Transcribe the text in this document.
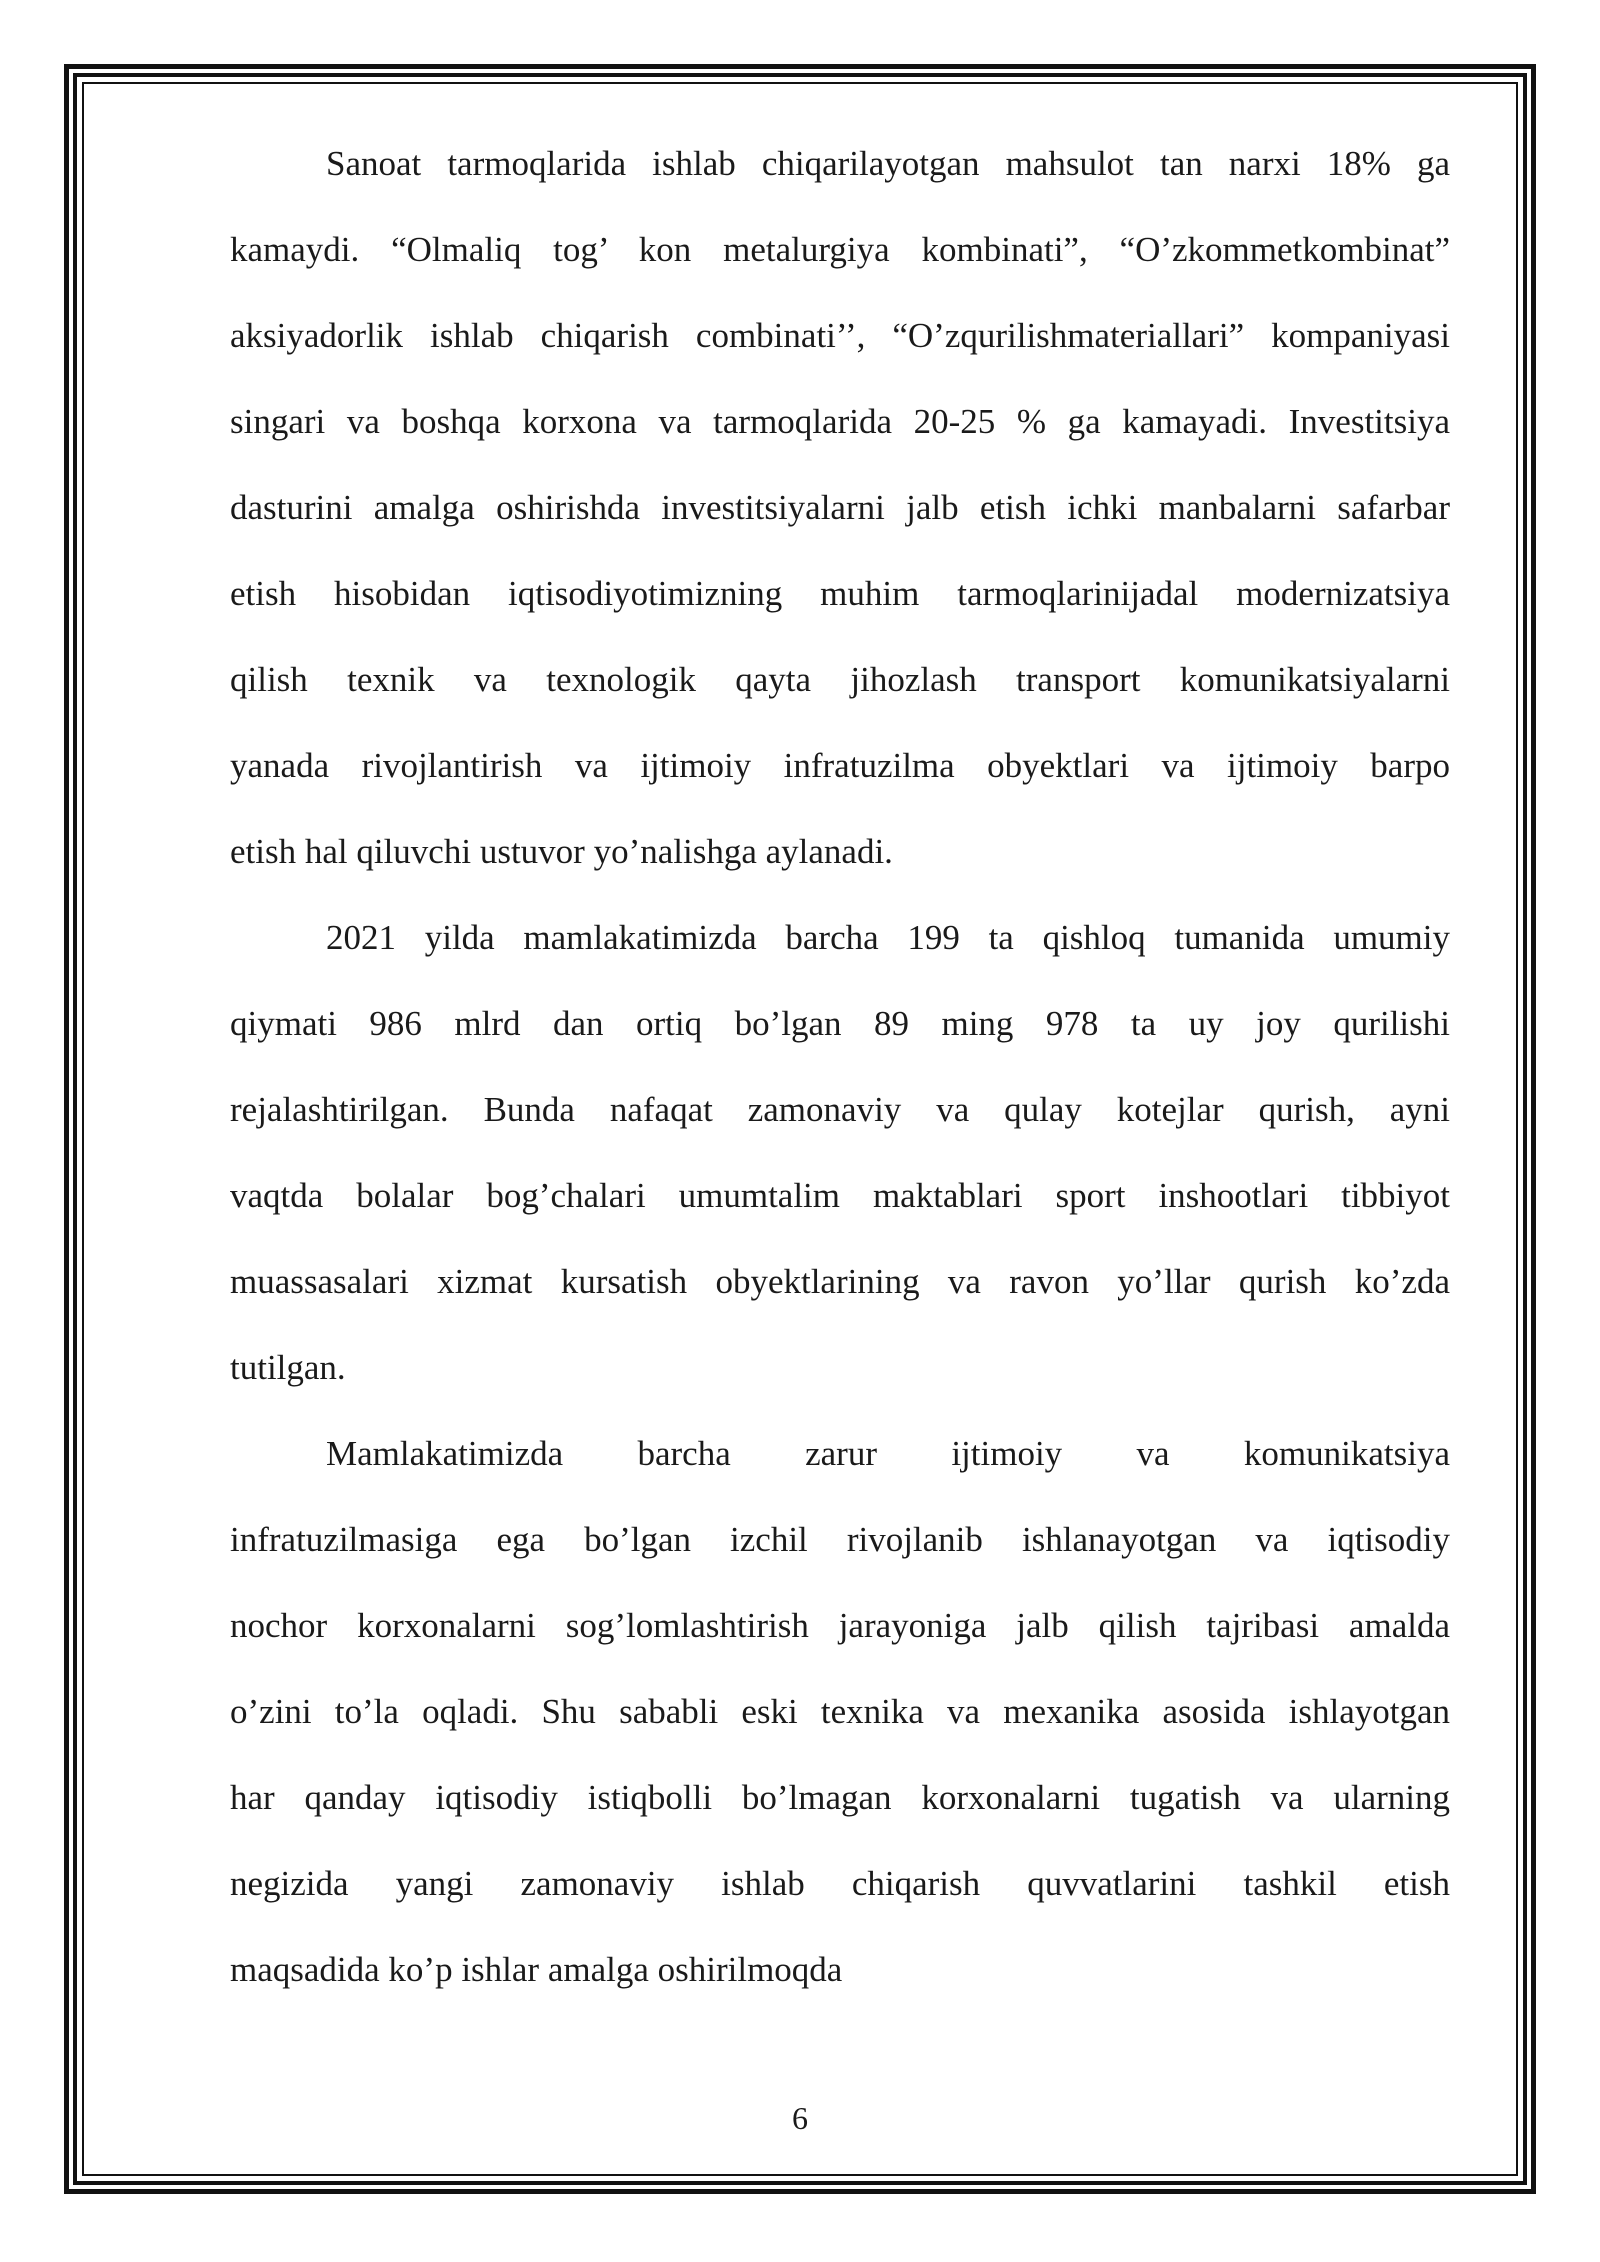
Sanoat tarmoqlarida ishlab chiqarilayotgan mahsulot tan narxi 18% ga
kamaydi. “Olmaliq tog’ kon metalurgiya kombinati”, “O’zkommetkombinat”
aksiyadorlik ishlab chiqarish combinati’’, “O’zqurilishmateriallari” kompaniyasi
singari va boshqa korxona va tarmoqlarida 20-25 % ga kamayadi. Investitsiya
dasturini amalga oshirishda investitsiyalarni jalb etish ichki manbalarni safarbar
etish hisobidan iqtisodiyotimizning muhim tarmoqlarinijadal modernizatsiya
qilish texnik va texnologik qayta jihozlash transport komunikatsiyalarni
yanada rivojlantirish va ijtimoiy infratuzilma obyektlari va ijtimoiy barpo
etish hal qiluvchi ustuvor yo’nalishga aylanadi.
2021 yilda mamlakatimizda barcha 199 ta qishloq tumanida umumiy
qiymati 986 mlrd dan ortiq bo’lgan 89 ming 978 ta uy joy qurilishi
rejalashtirilgan. Bunda nafaqat zamonaviy va qulay kotejlar qurish, ayni
vaqtda bolalar bog’chalari umumtalim maktablari sport inshootlari tibbiyot
muassasalari xizmat kursatish obyektlarining va ravon yo’llar qurish ko’zda
tutilgan.
Mamlakatimizda barcha zarur ijtimoiy va komunikatsiya
infratuzilmasiga ega bo’lgan izchil rivojlanib ishlanayotgan va iqtisodiy
nochor korxonalarni sog’lomlashtirish jarayoniga jalb qilish tajribasi amalda
o’zini to’la oqladi. Shu sababli eski texnika va mexanika asosida ishlayotgan
har qanday iqtisodiy istiqbolli bo’lmagan korxonalarni tugatish va ularning
negizida yangi zamonaviy ishlab chiqarish quvvatlarini tashkil etish
maqsadida ko’p ishlar amalga oshirilmoqda
6
